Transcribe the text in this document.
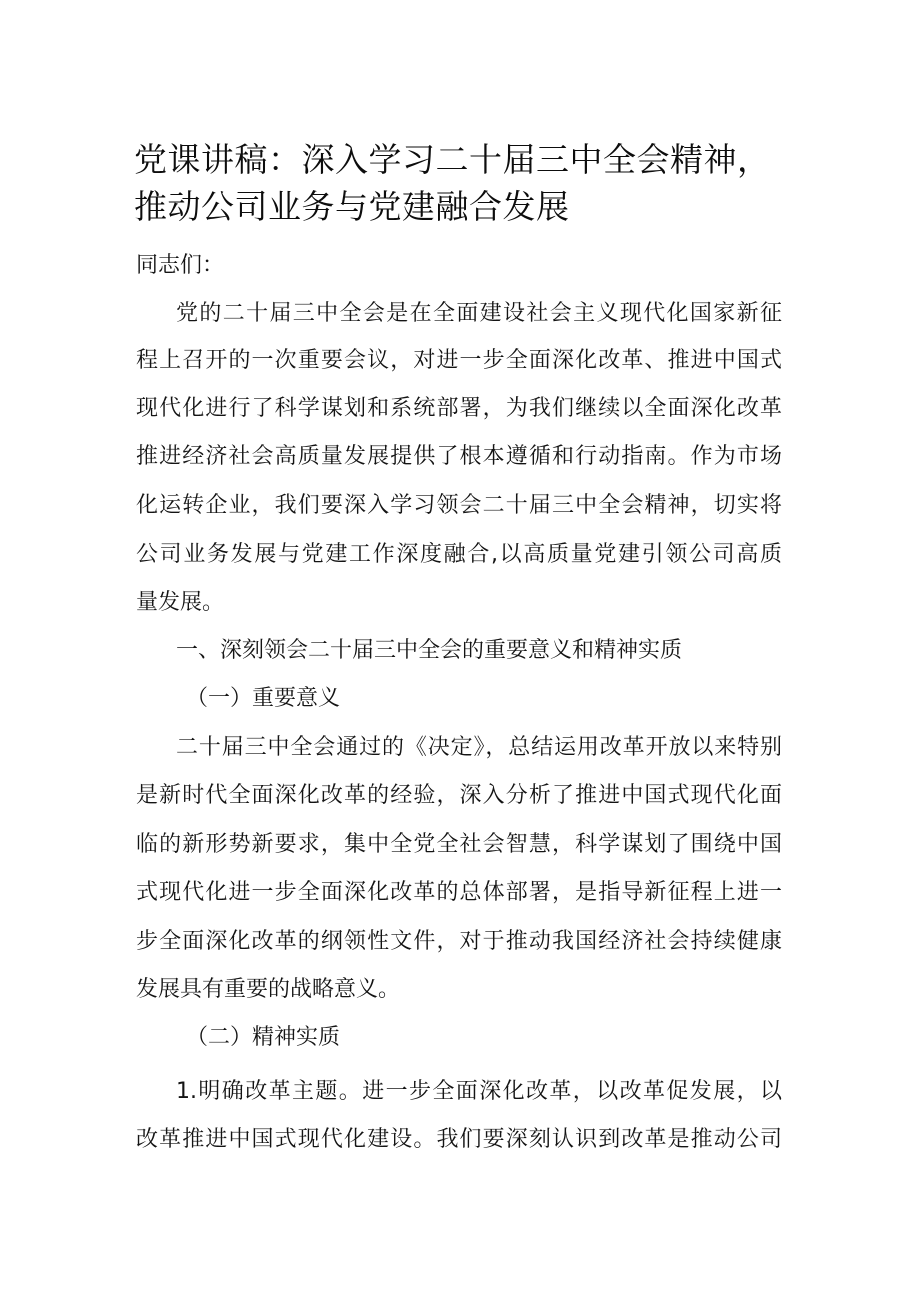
党课讲稿：深入学习二十届三中全会精神，
推动公司业务与党建融合发展
同志们：
党的二十届三中全会是在全面建设社会主义现代化国家新征
程上召开的一次重要会议，对进一步全面深化改革、推进中国式
现代化进行了科学谋划和系统部署，为我们继续以全面深化改革
推进经济社会高质量发展提供了根本遵循和行动指南。作为市场
化运转企业，我们要深入学习领会二十届三中全会精神，切实将
公司业务发展与党建工作深度融合,以高质量党建引领公司高质
量发展。
一、深刻领会二十届三中全会的重要意义和精神实质
（一）重要意义
二十届三中全会通过的《决定》，总结运用改革开放以来特别
是新时代全面深化改革的经验，深入分析了推进中国式现代化面
临的新形势新要求，集中全党全社会智慧，科学谋划了围绕中国
式现代化进一步全面深化改革的总体部署，是指导新征程上进一
步全面深化改革的纲领性文件，对于推动我国经济社会持续健康
发展具有重要的战略意义。
（二）精神实质
1.明确改革主题。进一步全面深化改革，以改革促发展，以
改革推进中国式现代化建设。我们要深刻认识到改革是推动公司
